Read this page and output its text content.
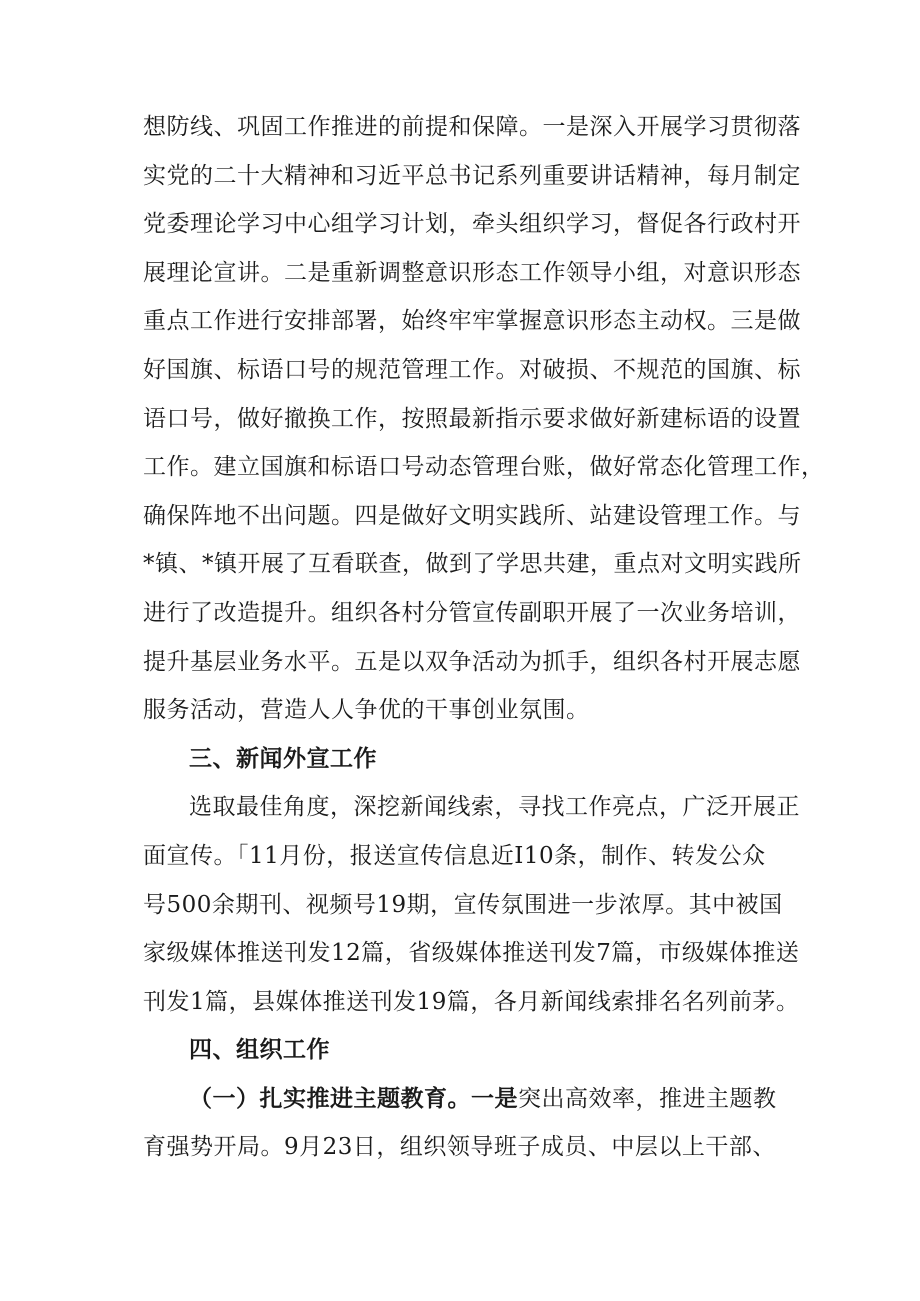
想防线、巩固工作推进的前提和保障。一是深入开展学习贯彻落
实党的二十大精神和习近平总书记系列重要讲话精神，每月制定
党委理论学习中心组学习计划，牵头组织学习，督促各行政村开
展理论宣讲。二是重新调整意识形态工作领导小组，对意识形态
重点工作进行安排部署，始终牢牢掌握意识形态主动权。三是做
好国旗、标语口号的规范管理工作。对破损、不规范的国旗、标
语口号，做好撤换工作，按照最新指示要求做好新建标语的设置
工作。建立国旗和标语口号动态管理台账，做好常态化管理工作，
确保阵地不出问题。四是做好文明实践所、站建设管理工作。与
*镇、*镇开展了互看联查，做到了学思共建，重点对文明实践所
进行了改造提升。组织各村分管宣传副职开展了一次业务培训，
提升基层业务水平。五是以双争活动为抓手，组织各村开展志愿
服务活动，营造人人争优的干事创业氛围。
三、新闻外宣工作
选取最佳角度，深挖新闻线索，寻找工作亮点，广泛开展正
面宣传。「11月份，报送宣传信息近I10条，制作、转发公众
号500余期刊、视频号19期，宣传氛围进一步浓厚。其中被国
家级媒体推送刊发12篇，省级媒体推送刊发7篇，市级媒体推送
刊发1篇，县媒体推送刊发19篇，各月新闻线索排名名列前茅。
四、组织工作
（一）扎实推进主题教育。一是突出高效率，推进主题教
育强势开局。9月23日，组织领导班子成员、中层以上干部、
